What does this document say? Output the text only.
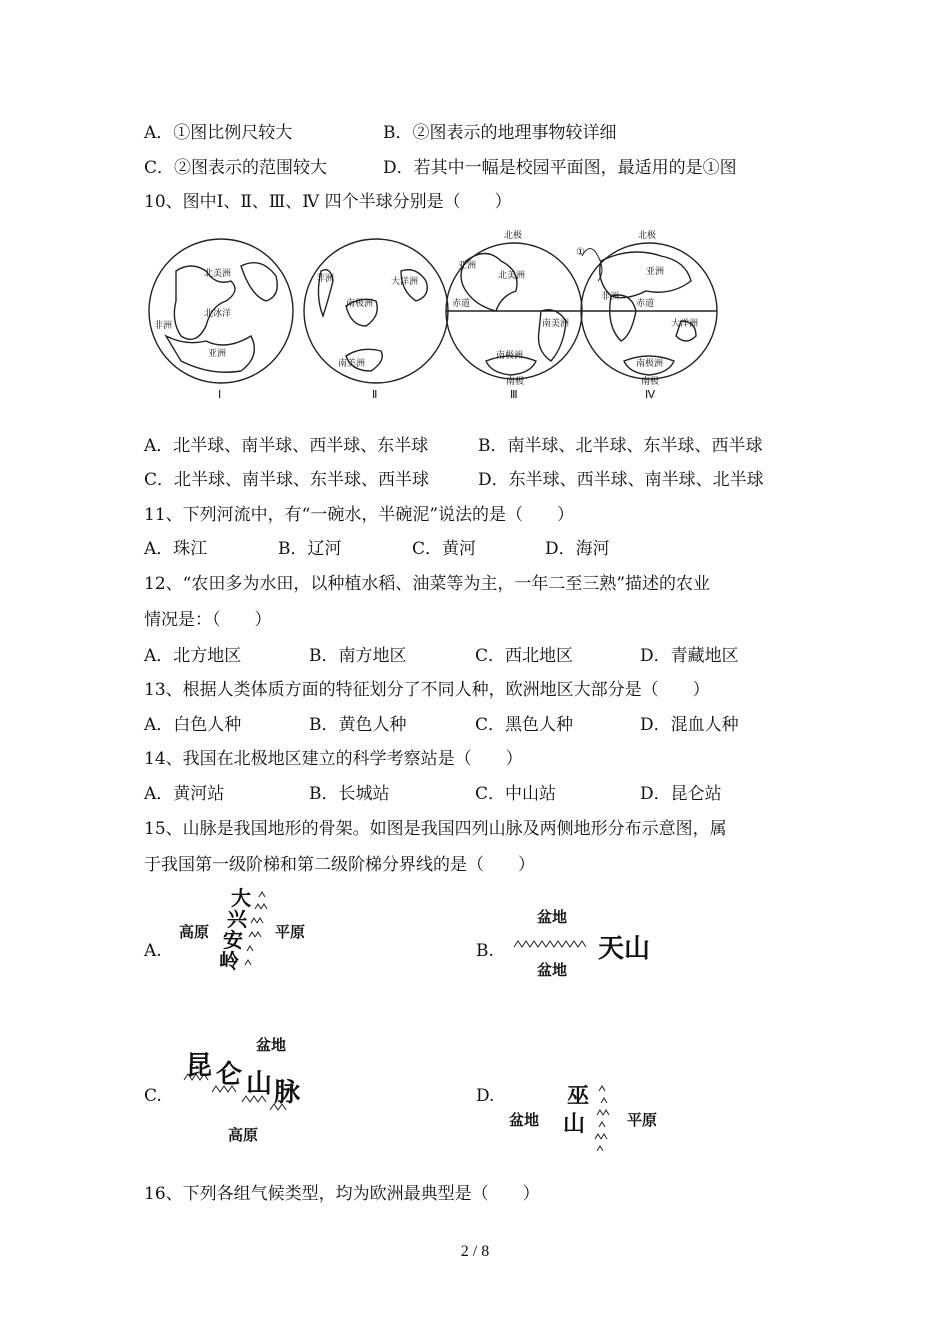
A．①图比例尺较大	B．②图表示的地理事物较详细
C．②图表示的范围较大	D．若其中一幅是校园平面图，最适用的是①图
10、图中Ⅰ、Ⅱ、Ⅲ、Ⅳ 四个半球分别是（　　）
北美洲
北冰洋
非洲
亚洲
非洲	大洋洲
南极洲
南美洲
北极
亚洲
北美洲
赤道
南美洲
南极洲
南极
北极
亚洲
非洲
赤道
大洋洲
南极洲
南极
①
Ⅰ	Ⅱ	Ⅲ	Ⅳ
A．北半球、南半球、西半球、东半球	B．南半球、北半球、东半球、西半球
C．北半球、南半球、东半球、西半球	D．东半球、西半球、南半球、北半球
11、下列河流中，有“一碗水，半碗泥”说法的是（　　）
A．珠江	B．辽河	C．黄河	D．海河
12、“农田多为水田，以种植水稻、油菜等为主，一年二至三熟”描述的农业
情况是：（　　）
A．北方地区	B．南方地区	C．西北地区	D．青藏地区
13、根据人类体质方面的特征划分了不同人种，欧洲地区大部分是（　　）
A．白色人种	B．黄色人种	C．黑色人种	D．混血人种
14、我国在北极地区建立的科学考察站是（　　）
A．黄河站	B．长城站	C．中山站	D．昆仑站
15、山脉是我国地形的骨架。如图是我国四列山脉及两侧地形分布示意图，属
于我国第一级阶梯和第二级阶梯分界线的是（　　）
A.	B.
C.	D.
高原	平原
大
兴
安
岭
盆地
盆地
天山
盆地
高原
昆 仑 山 脉
盆地	平原
巫
山
16、下列各组气候类型，均为欧洲最典型是（　　）
2 / 8
